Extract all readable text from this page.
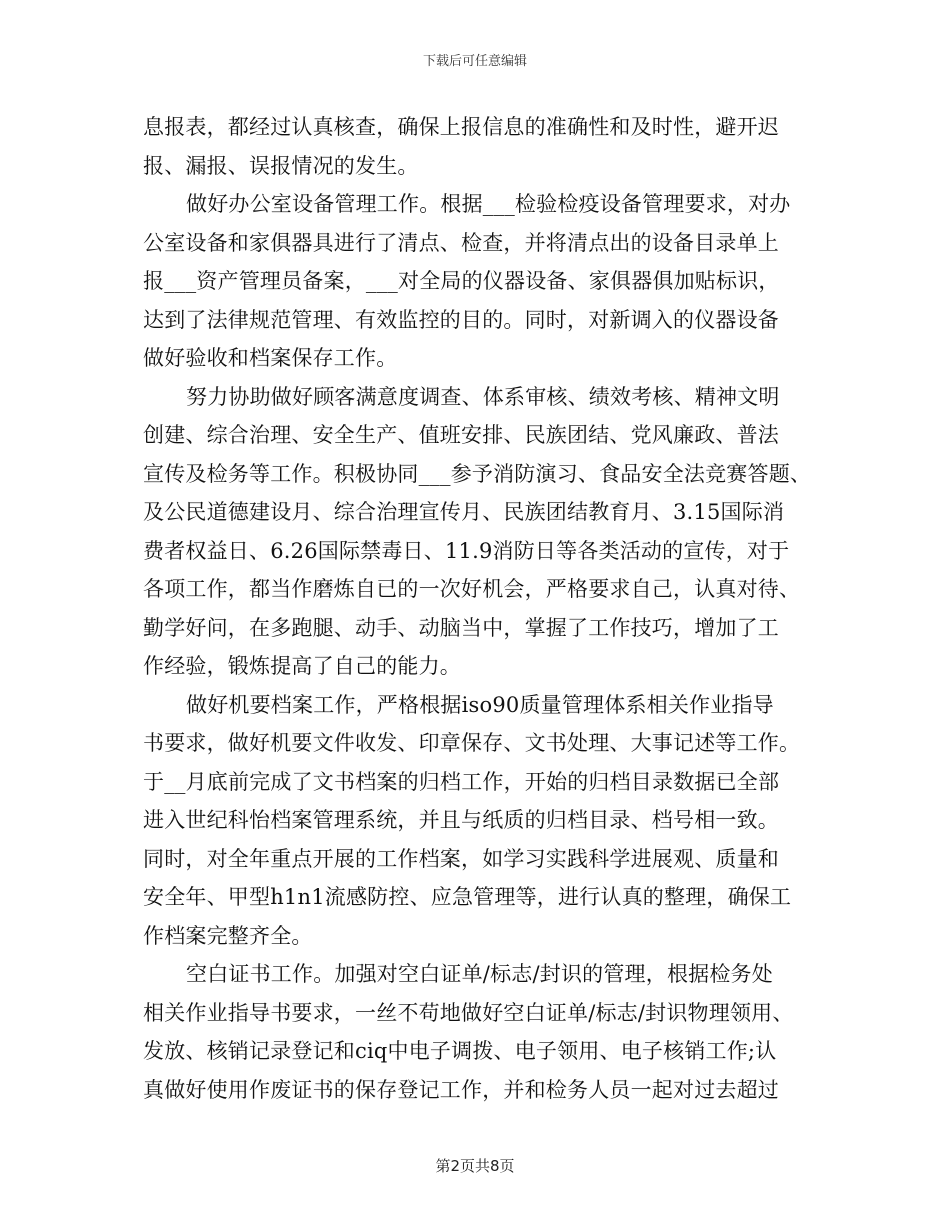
下载后可任意编辑
息报表，都经过认真核查，确保上报信息的准确性和及时性，避开迟
报、漏报、误报情况的发生。
做好办公室设备管理工作。根据___检验检疫设备管理要求，对办
公室设备和家俱器具进行了清点、检查，并将清点出的设备目录单上
报___资产管理员备案，___对全局的仪器设备、家俱器俱加贴标识，
达到了法律规范管理、有效监控的目的。同时，对新调入的仪器设备
做好验收和档案保存工作。
努力协助做好顾客满意度调查、体系审核、绩效考核、精神文明
创建、综合治理、安全生产、值班安排、民族团结、党风廉政、普法
宣传及检务等工作。积极协同___参予消防演习、食品安全法竞赛答题、
及公民道德建设月、综合治理宣传月、民族团结教育月、3.15国际消
费者权益日、6.26国际禁毒日、11.9消防日等各类活动的宣传，对于
各项工作，都当作磨炼自已的一次好机会，严格要求自己，认真对待、
勤学好问，在多跑腿、动手、动脑当中，掌握了工作技巧，增加了工
作经验，锻炼提高了自己的能力。
做好机要档案工作，严格根据iso90质量管理体系相关作业指导
书要求，做好机要文件收发、印章保存、文书处理、大事记述等工作。
于__月底前完成了文书档案的归档工作，开始的归档目录数据已全部
进入世纪科怡档案管理系统，并且与纸质的归档目录、档号相一致。
同时，对全年重点开展的工作档案，如学习实践科学进展观、质量和
安全年、甲型h1n1流感防控、应急管理等，进行认真的整理，确保工
作档案完整齐全。
空白证书工作。加强对空白证单/标志/封识的管理，根据检务处
相关作业指导书要求，一丝不苟地做好空白证单/标志/封识物理领用、
发放、核销记录登记和ciq中电子调拨、电子领用、电子核销工作;认
真做好使用作废证书的保存登记工作，并和检务人员一起对过去超过
第2页共8页
